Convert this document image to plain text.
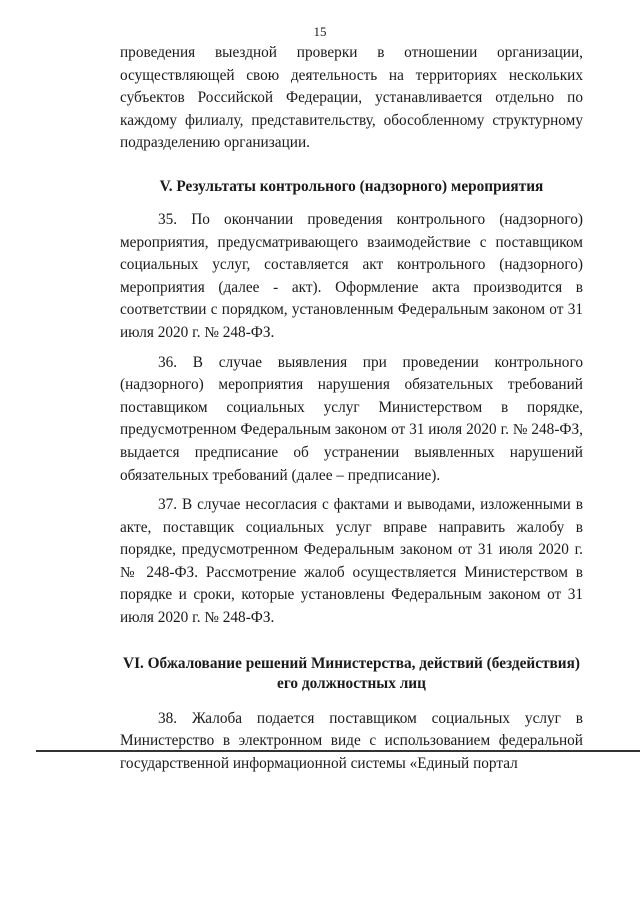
15

проведения выездной проверки в отношении организации, осуществляющей свою деятельность на территориях нескольких субъектов Российской Федерации, устанавливается отдельно по каждому филиалу, представительству, обособленному структурному подразделению организации.

V. Результаты контрольного (надзорного) мероприятия

35. По окончании проведения контрольного (надзорного) мероприятия, предусматривающего взаимодействие с поставщиком социальных услуг, составляется акт контрольного (надзорного) мероприятия (далее - акт). Оформление акта производится в соответствии с порядком, установленным Федеральным законом от 31 июля 2020 г. № 248-ФЗ.

36. В случае выявления при проведении контрольного (надзорного) мероприятия нарушения обязательных требований поставщиком социальных услуг Министерством в порядке, предусмотренном Федеральным законом от 31 июля 2020 г. № 248-ФЗ, выдается предписание об устранении выявленных нарушений обязательных требований (далее – предписание).

37. В случае несогласия с фактами и выводами, изложенными в акте, поставщик социальных услуг вправе направить жалобу в порядке, предусмотренном Федеральным законом от 31 июля 2020 г. № 248-ФЗ. Рассмотрение жалоб осуществляется Министерством в порядке и сроки, которые установлены Федеральным законом от 31 июля 2020 г. № 248-ФЗ.

VI. Обжалование решений Министерства, действий (бездействия)
его должностных лиц

38. Жалоба подается поставщиком социальных услуг в Министерство в электронном виде с использованием федеральной государственной информационной системы «Единый портал
